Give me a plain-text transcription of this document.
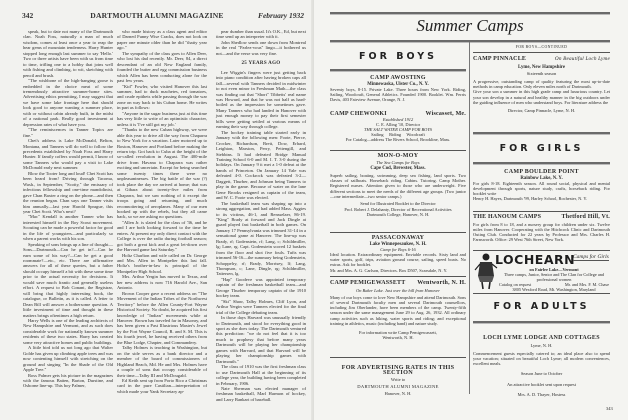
342	DARTMOUTH ALUMNI MAGAZINE	February 1932

speak, but to date not many of the Dartmouth clan. Noah Foss, naturally a man of much wisdom, comes at least once a year to reap the hear gems of mountain tenderness. Harry Hunter stopped long enough last summer to say 'Hello.' Two or three artists have been with us from time to time, trifling one to a hobby that joins well with fishing and climbing, to wit, sketching with pencil and brush.

"The wishbone of the high-hanging goose is embedded in the choice meat of some tremendously attractive summer-home sites. Advertising ethics permitting, I may suggest that we have some lake frontage here that should look good to anyone wanting a summer place, with or without cabin already built, in the midst of a national park. Really good investment at depression rates of what have you.

"The reminiscences in Tanner Topics are fine."

Chet's address is Lake McDonald, Belton, Montana, and Tanners will do well to follow the precedents established by Noah Foss and Harry Hunter. If family coffers would permit, I know of some Tanners who would pay a visit to Lake McDonald early next summer.

Blow the Tooter long and loud! Chet Scott has been heard from! Driving through Tacoma, Wash., in September, "Scotty," the emissary of infectious fellowship and one-time mandolinist, gave Chan Baxter a ring on the phone—and then the reunion began. Chan says one Tanner visits him annually—last year Harold Sprague, this year Chet Scott. Who's next?

"Mac" Kendall is another Tanner who has interested himself in the Boy Scout movement. Scouting can be made a powerful factor for good in the life of youngsters—and particularly so when a parent works with his son.

Speaking of sons brings up a line of thought—Sons—Dartmouth—Can he get in?—Can he earn some of his way?—Can he get a good roommate?—etc., etc. There are affirmative answers for all of these queries, but a father should occupy himself a bit with these some time prior to the actual necessity for decisions. It would save much frantic and generally useless effort. A request to Bob Conant, the Registrar, will bring that highly interesting book, the catalogue, or Bulletin, as it is called. A letter to Dean Bill will answer a bothersome question. A little investment of time and thought in these matters brings oftentimes a high return.

Harry Wells is one of the leading architects of New Hampshire and Vermont, and as such does considerable work for nationally known summer residents of these two states. Harry has created some very attractive homes and public buildings.

A little bird told us not long ago that Walter Golde has given up climbing apple trees and was now contenting himself with stretching on the ground and singing "In the Shade of the Old Apple Tree."

Ross Palmer gets his picture in the magazines with the famous Batten, Barton, Durstine, and Osborne line-up. This boy Palmer,

who made history as a class agent and editor of Darned Funny Wise Cracks, does not look on paper one minute older than he did "thatty year ago."

The sympathy of the class goes to Allen Deer, who lost his dad recently. Mr. Deer, 84, a direct descendant of an old New England family, founded the butter and egg commission business which Allen has been conducting alone for the past few years.

"Kid" Fowler, who visited Hanover this last summer, had to duck machetes, red tomatoes, and crude epithets while passing through the war zone on way back to his Cuban home. He writes in part as follows:

"Anyone in the sugar business just at this time has very little to write of an optimistic character, unless it is 'I've still got my job.'

"Thanks to the new Cuban highway, we were able this year to drive all the way from Chaparra to New York for a vacation. Later motored up to Boston, Hanover and Portland before making the return trip. Got back to Cuba at the height of the so-called revolution in August. The 400-mile drive from Havana to Chaparra was rather exciting and uncertain. Except for being searched some twenty times there were no unpleasantnesses. The big battle of the war (?) took place the day we arrived at home; that was at Gibara about twenty-five miles from Chaparra, but we saw nothing of it except the troops going and returning, and much reconnoitering of aeroplanes. Many of our men hooked up with the rebels, but they all came back, so we are asking no questions.

"Allen Jr. is slated for the class of '36, and he and I are both looking forward to the time he enters. At present my only direct contact with the College is over the radio during football season; got both a great kick and a great let-down over the Harvard game last Saturday."

Holtz Charlton and wife called on Dr. George and Mrs. Allen in Montpelier this last fall. Holtz's brother-in-law is principal of the Montpelier High School.

Mrs. Arthur Yergin has moved to Texas, and her new address is now 716 Harold Ave., San Antonio.

Brown Cooper gave a recent address on "The Movement of the Indian Tribes of the Northwest Territory" before the Allen County-Fort Wayne Historical Society. No doubt, he acquired his first knowledge of "Indian" movements while at Hanover. Brown has traveled far in Masonry, and has been given a Past Illustrious Master's Jewel by the Fort Wayne Council, R. and S. M. This is his fourth jewel, he having received others from the Blue Lodge, Chapter, and Commandery.

Talby Holmes is teaching in Washington, but on the side serves as a bank director and a member of the board of commissioners of Highland Beach, Md. He and Mrs. Holmes have a couple of sons that occupy considerable of their time—Talby III and McDougald.

Ed Keith sent up from Porto Rico a Christmas card in the pure Castilian—interpretation of which made your Yank Secretary ap-

pear dumber than usual. It's O.K., Ed, but next time send up an interpreter with it.

John Shedlow sends one down from Montreal in the real "Parlez-vous" lingo—it bothered us not—and the verse was very fine.

25 YEARS AGO

Lee Wiggin's fingers were just getting back into piano condition after having broken caps all fall—several with Tanners decided in midwinter to not even minor in Freshman Math—the class was finding out that "Short" Tibbetts' real name was Howard, and that he was not half as hard-boiled as the impression he sometimes gave. Many Tanners who had landed in Hanover with just enough money to pay their first semester bills were getting settled at various means of earning their way through college.

The hockey training table started early in January with the following men: Foote, Pierce, Crocker, Richardson, Brett, Dow, Erhard, Leighton, Marston, Perry, Pettengill, and Stebbins. It had defeated Bridge Manual Training School 6-0 and M. I. T. 3-0 during the holidays. On January 9 it met a 1-0 defeat at the hands of Princeton. On January 14 Yale was defeated 4-0. Cockrock was defeated 3-2—Daggett, Thurber, and Johnson being Tanners to play in the game. Because of water on the lane Gene Brooks resigned as captain of the team, and W. C. Foote was elected.

The basketball team was shaping up into a strong aggregation, and had added Mass. Aggies to its victims, 46-1, and Rensselaer, 86-19. "King" Brady at forward and Jack Dingle at guard played fast basketball in both games. On January 17 Pennsylvania was trimmed 31-14 in a sensational game at Hanover. The line-up was Brady, rf; Godenstein, rf; Lang, c; Schildmiller, lg; Lane, rg. Capt. Godenstein scored 12 baskets from the floor and shot five fouls. Tufts was trimmed 56-16—the summary being Godenstein, Schoppelry, rf; Brady, Morrisey, lf; Lang, Thompson, c; Lane, Dingle, rg; Schildmiller, Tattersen, lg.

"Hap" Goodeve was appointed temporary captain of the freshman basketball team—and George Thurber temporary captain of the 1910 hockey team.

"Ski" Shaw, Talby Holmes, Cliff Lyon, and Arthur Yergin were Tanners elected for the final trial of the College debating team.

In those days Harvard was unusually friendly to Dartmouth, and stood for everything good in sport as she does today. The Dartmouth ventured this prediction: "we do not feel that it is too much to prophesy that before many years Dartmouth will be playing her championship games with Harvard, and that Harvard will be playing her championship games with Dartmouth."

The class of 1910 was the first freshman class to use Dartmouth Hall at the beginning of its college year, the building having been completed in February, 1906.

Nate Sherman was elected manager of freshman basketball, Marl Harmon of hockey, and Larry Bankart of baseball.

Summer Camps
FOR BOYS
CAMP AWOSTING
Minnewaska, Ulster Co., N. Y.
Seventy boys, 8-15. Private Lake. Three hours from New York. Riding, Sailing, Woodcraft, General Athletics. Founded 1900. Booklet. Wm. Ferris Davis, 403 Fairview Avenue, Orange, N. J.
CAMP CHEWONKI	Wiscasset, Me.
Established 1912
C. E. Alling '10, Director
THE SALT WATER CAMP FOR BOYS
Sailing     Riding     Woodcraft
For Catalog—address The Rivers School, Brookline, Mass.
MON-O-MOY
The Sea Camps for Boys
Cape Cod, Brewster, Mass.
Superb sailing, boating, swimming, deep sea fishing, land sports. Two classes of sailboats. Horseback riding. Cabins. Tutoring. Camp Mother. Registered nurses. Attention given to those who are underweight. Five different sections to meet the needs of the different age groups. (Two junior—one intermediate—two senior camps.)
Send for Illustrated Booklet to the Director
Prof. Robert J. Delahanty, Director of Recreational Activities
Dartmouth College, Hanover, N. H.
PASSACONAWAY
Lake Winnepesaukee, N. H.
Camp for Boys 6-16
Ideal location. Extraordinary equipment. Enviable records. Sixty land and water sports, golf, trips, aviation ground course, sailing, speed boats. No extras. Ask for booklet.
Mr. and Mrs. A. G. Carlson, Directors. Box D507, Scarsdale, N. Y.
CAMP PEMIGEWASSETT Wentworth, N. H.
On Baker Lake. Just over the hill from Hanover
Many of our boys come to love New Hampshire and attend Dartmouth. Sons of several Dartmouth faculty men and several Dartmouth counsellors, including Jim Oberlander, have been members of the camp. Twenty-fifth season under the same management June 29 to Aug. 26, 1932. All ordinary camp activities such as hiking, water sports and riding; and exceptional training in athletics, music (including band) and nature study.
For information write Camp Pemigewassett,
Wentworth, N. H.
FOR ADVERTISING RATES IN THIS SECTION
Write to
DARTMOUTH ALUMNI MAGAZINE
Hanover, N. H.
343
FOR BOYS—CONTINUED
CAMP PINNACLE	On Beautiful Loch Lyme
Lyme, New Hampshire
Sixteenth season
A progressive, outstanding camp of quality featuring the most up-to-date methods in camp education. Only eleven miles north of Dartmouth.
Give your son a summer in this high grade camp and luxurious country. Let your son develop in a natural and healthy manner in the big outdoors under the guiding influence of men who understand boys. For literature address the
Director, Camp Pinnacle, Lyme, N. H.
FOR GIRLS
CAMP BOULDER POINT
Rainbow Lake, N. Y.
For girls 8-18. Eighteenth season. All round social, physical and mental development through sports, nature study, crafts, horseback riding. For booklet write
Henry H. Hayes, Dartmouth '99, Harley School, Rochester, N. Y.
THE HANOUM CAMPS	Thetford Hill, Vt.
For girls from 8 to 18, and a nursery group for children under six. Twelve miles from Hanover. Cooperating with the Hitchcock Clinic and Dartmouth Outing Club. Conducted for 22 years by Professor and Mrs. Charles H. Farnsworth. Office: 29 West 76th Street, New York.
LOCHEARN
Camps for Girls
on Fairlee Lake—Vermont
Three camps, Junior, Senior and The Clan for College and professional women
Catalog on request	Mr. and Mrs. F. M. Chase
3805 Wexford Road, Mt. Washington, Maryland
FOR ADULTS
LOCH LYME LODGE AND COTTAGES
Lyme, N. H.
Commencement guests especially catered to; an ideal place also to spend your vacation; situated on beautiful Loch Lyme; all modern conveniences, excellent meals.
Season June to October
An attractive booklet sent upon request
Mrs. A. D. Thayer, Hostess
